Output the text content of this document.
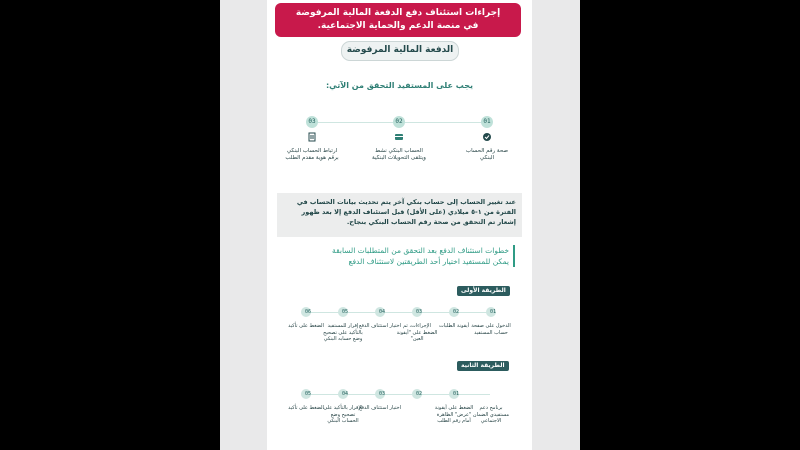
إجراءات استئناف دفع الدفعة المالية المرفوضة
في منصة الدعم والحماية الاجتماعية.
الدفعة المالية المرفوضة
يجب على المستفيد التحقق من الآتي:
01
صحة رقم الحساب البنكي
02
الحساب البنكي نشط ويتلقى التحويلات البنكية
03
ارتباط الحساب البنكي برقم هوية مقدم الطلب
عند تغيير الحساب إلى حساب بنكي آخر يتم تحديث بيانات الحساب في الفترة من ١-٥ ميلادي (على الأقل) قبل استئناف الدفع إلا بعد ظهور إشعار تم التحقق من صحة رقم الحساب البنكي بنجاح.
خطوات استئناف الدفع بعد التحقق من المتطلبات السابقة
يمكن للمستفيد اختيار أحد الطريقتين لاستئناف الدفع
الطريقة الأولى
01
الدخول على صفحة حساب المستفيد
02
أيقونة الطلبات
03
الإجراءات، ثم الضغط على "أيقونة العين"
04
اختيار استئناف الدفع
05
إقرار للمستفيد بالتأكيد على تصحيح وضع حسابه البنكي
06
الضغط على تأكيد
الطريقة الثانية
برنامج دعم مستفيدي الضمان الاجتماعي
01
الضغط على أيقونة "عرض" الظاهرة أمام رقم الطلب
02
03
اختيار استئناف الدفع
04
الإقرار بالتأكيد على تصحيح وضع الحساب البنكي
05
الضغط على تأكيد
